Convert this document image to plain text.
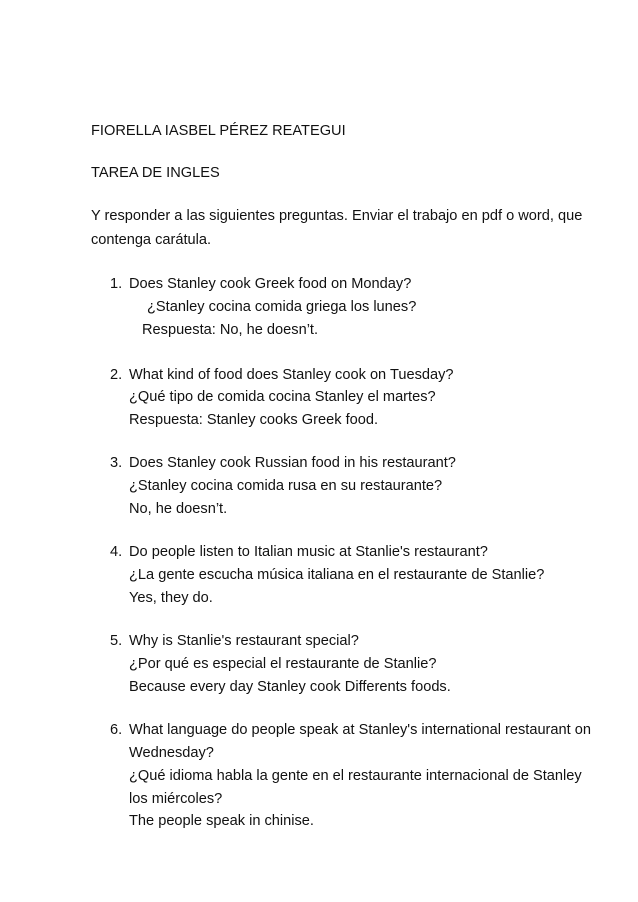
FIORELLA IASBEL PÉREZ REATEGUI
TAREA DE INGLES
Y responder a las siguientes preguntas. Enviar el trabajo en pdf o word, que
contenga carátula.
1. Does Stanley cook Greek food on Monday?
¿Stanley cocina comida griega los lunes?
Respuesta: No, he doesn’t.
2. What kind of food does Stanley cook on Tuesday?
¿Qué tipo de comida cocina Stanley el martes?
Respuesta: Stanley cooks Greek food.
3. Does Stanley cook Russian food in his restaurant?
¿Stanley cocina comida rusa en su restaurante?
No, he doesn’t.
4. Do people listen to Italian music at Stanlie's restaurant?
¿La gente escucha música italiana en el restaurante de Stanlie?
Yes, they do.
5. Why is Stanlie's restaurant special?
¿Por qué es especial el restaurante de Stanlie?
Because every day Stanley cook Differents foods.
6. What language do people speak at Stanley's international restaurant on
Wednesday?
¿Qué idioma habla la gente en el restaurante internacional de Stanley
los miércoles?
The people speak in chinise.
